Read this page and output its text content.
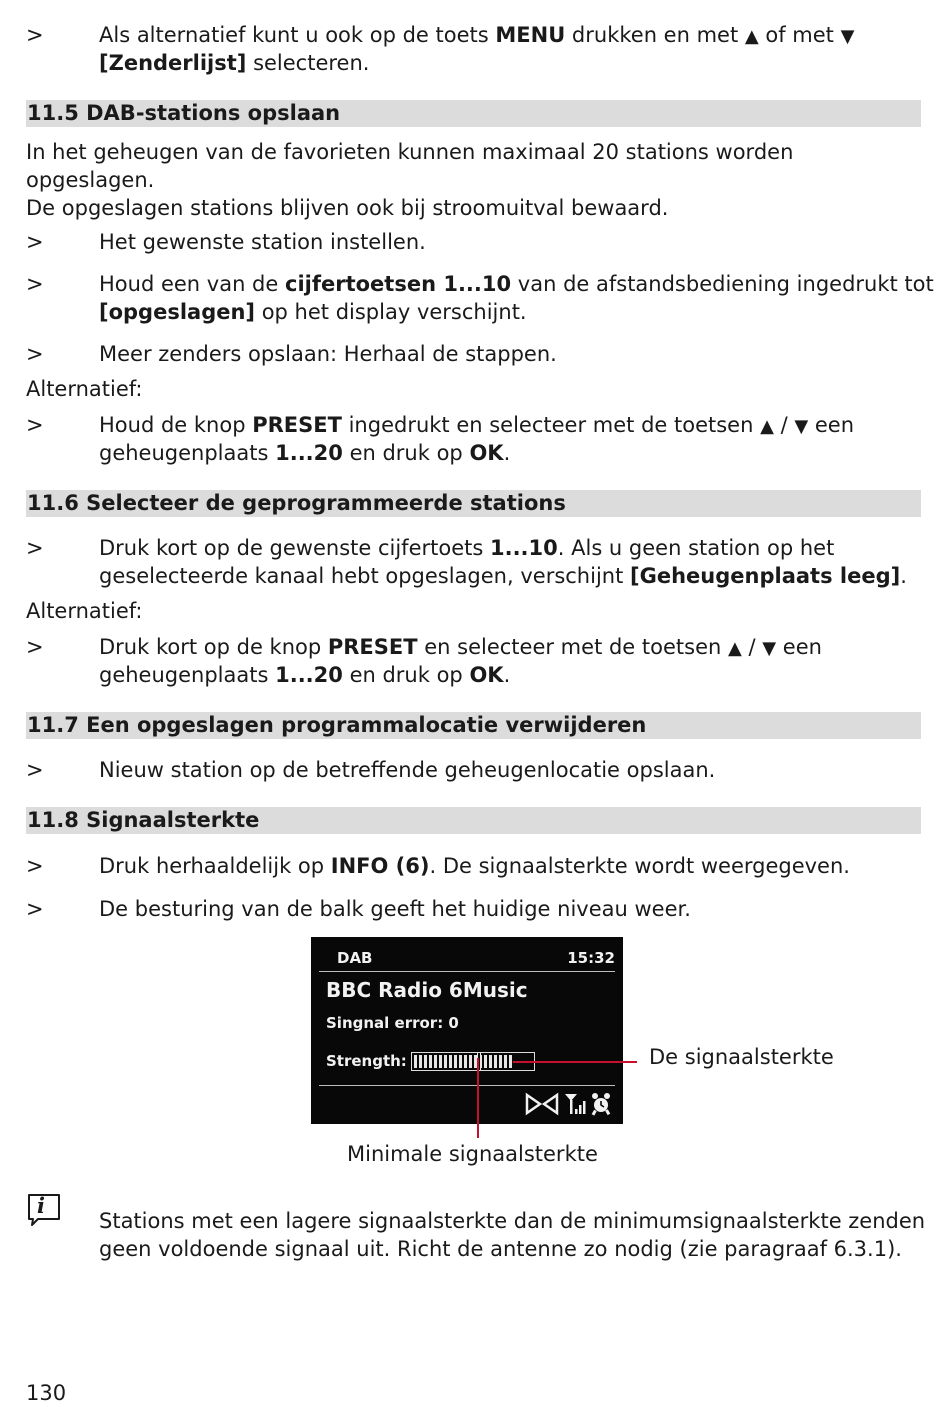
>	Als alternatief kunt u ook op de toets MENU drukken en met ▲ of met ▼
[Zenderlijst] selecteren.
11.5 DAB-stations opslaan
In het geheugen van de favorieten kunnen maximaal 20 stations worden
opgeslagen.
De opgeslagen stations blijven ook bij stroomuitval bewaard.
>	Het gewenste station instellen.
>	Houd een van de cijfertoetsen 1...10 van de afstandsbediening ingedrukt tot
[opgeslagen] op het display verschijnt.
>	Meer zenders opslaan: Herhaal de stappen.
Alternatief:
>	Houd de knop PRESET ingedrukt en selecteer met de toetsen ▲ / ▼ een
geheugenplaats 1...20 en druk op OK.
11.6 Selecteer de geprogrammeerde stations
>	Druk kort op de gewenste cijfertoets 1...10. Als u geen station op het
geselecteerde kanaal hebt opgeslagen, verschijnt [Geheugenplaats leeg].
Alternatief:
>	Druk kort op de knop PRESET en selecteer met de toetsen ▲ / ▼ een
geheugenplaats 1...20 en druk op OK.
11.7 Een opgeslagen programmalocatie verwijderen
>	Nieuw station op de betreffende geheugenlocatie opslaan.
11.8 Signaalsterkte
>	Druk herhaaldelijk op INFO (6). De signaalsterkte wordt weergegeven.
>	De besturing van de balk geeft het huidige niveau weer.
DAB	15:32
BBC Radio 6Music
Singnal error: 0
Strength:	De signaalsterkte
Minimale signaalsterkte
i
Stations met een lagere signaalsterkte dan de minimumsignaalsterkte zenden
geen voldoende signaal uit. Richt de antenne zo nodig (zie paragraaf 6.3.1).
130
